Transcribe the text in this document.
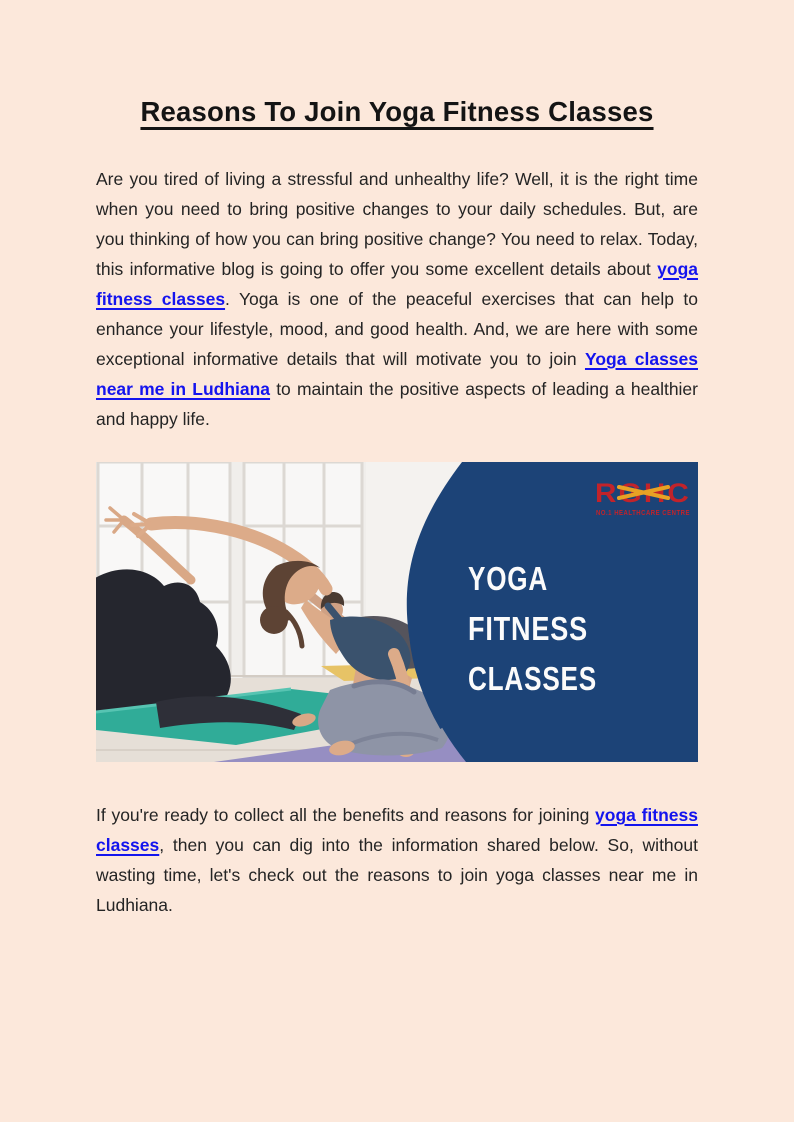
Reasons To Join Yoga Fitness Classes

Are you tired of living a stressful and unhealthy life? Well, it is the right time when you need to bring positive changes to your daily schedules. But, are you thinking of how you can bring positive change? You need to relax. Today, this informative blog is going to offer you some excellent details about yoga fitness classes. Yoga is one of the peaceful exercises that can help to enhance your lifestyle, mood, and good health. And, we are here with some exceptional informative details that will motivate you to join Yoga classes near me in Ludhiana to maintain the positive aspects of leading a healthier and happy life.

RGHC
NO.1 HEALTHCARE CENTRE
YOGA
FITNESS
CLASSES

If you're ready to collect all the benefits and reasons for joining yoga fitness classes, then you can dig into the information shared below. So, without wasting time, let's check out the reasons to join yoga classes near me in Ludhiana.
